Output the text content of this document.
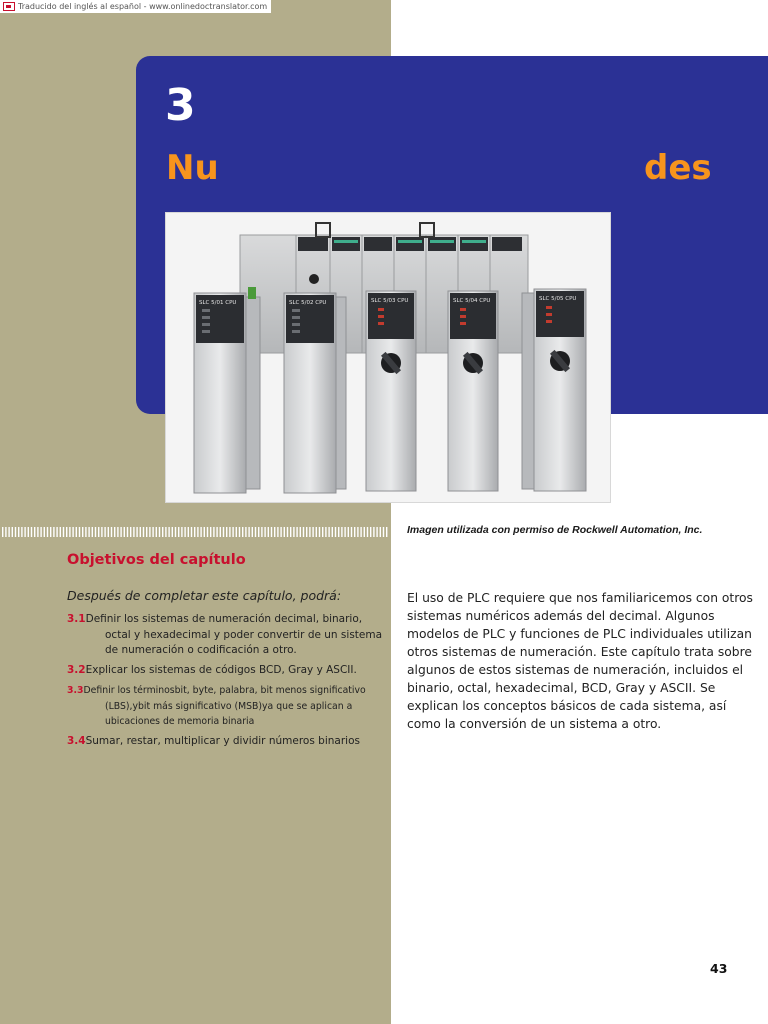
Traducido del inglés al español - www.onlinedoctranslator.com
3
Nu	des
SLC 5/01 CPU	SLC 5/02 CPU	SLC 5/03 CPU	SLC 5/04 CPU	SLC 5/05 CPU
Imagen utilizada con permiso de Rockwell Automation, Inc.
Objetivos del capítulo
Después de completar este capítulo, podrá:
3.1Definir los sistemas de numeración decimal, binario,
octal y hexadecimal y poder convertir de un sistema
de numeración o codificación a otro.
3.2Explicar los sistemas de códigos BCD, Gray y ASCII.
3.3Definir los términosbit, byte, palabra, bit menos significativo
(LBS),ybit más significativo (MSB)ya que se aplican a
ubicaciones de memoria binaria
3.4Sumar, restar, multiplicar y dividir números binarios
El uso de PLC requiere que nos familiaricemos con otros
sistemas numéricos además del decimal. Algunos
modelos de PLC y funciones de PLC individuales utilizan
otros sistemas de numeración. Este capítulo trata sobre
algunos de estos sistemas de numeración, incluidos el
binario, octal, hexadecimal, BCD, Gray y ASCII. Se
explican los conceptos básicos de cada sistema, así
como la conversión de un sistema a otro.
43
